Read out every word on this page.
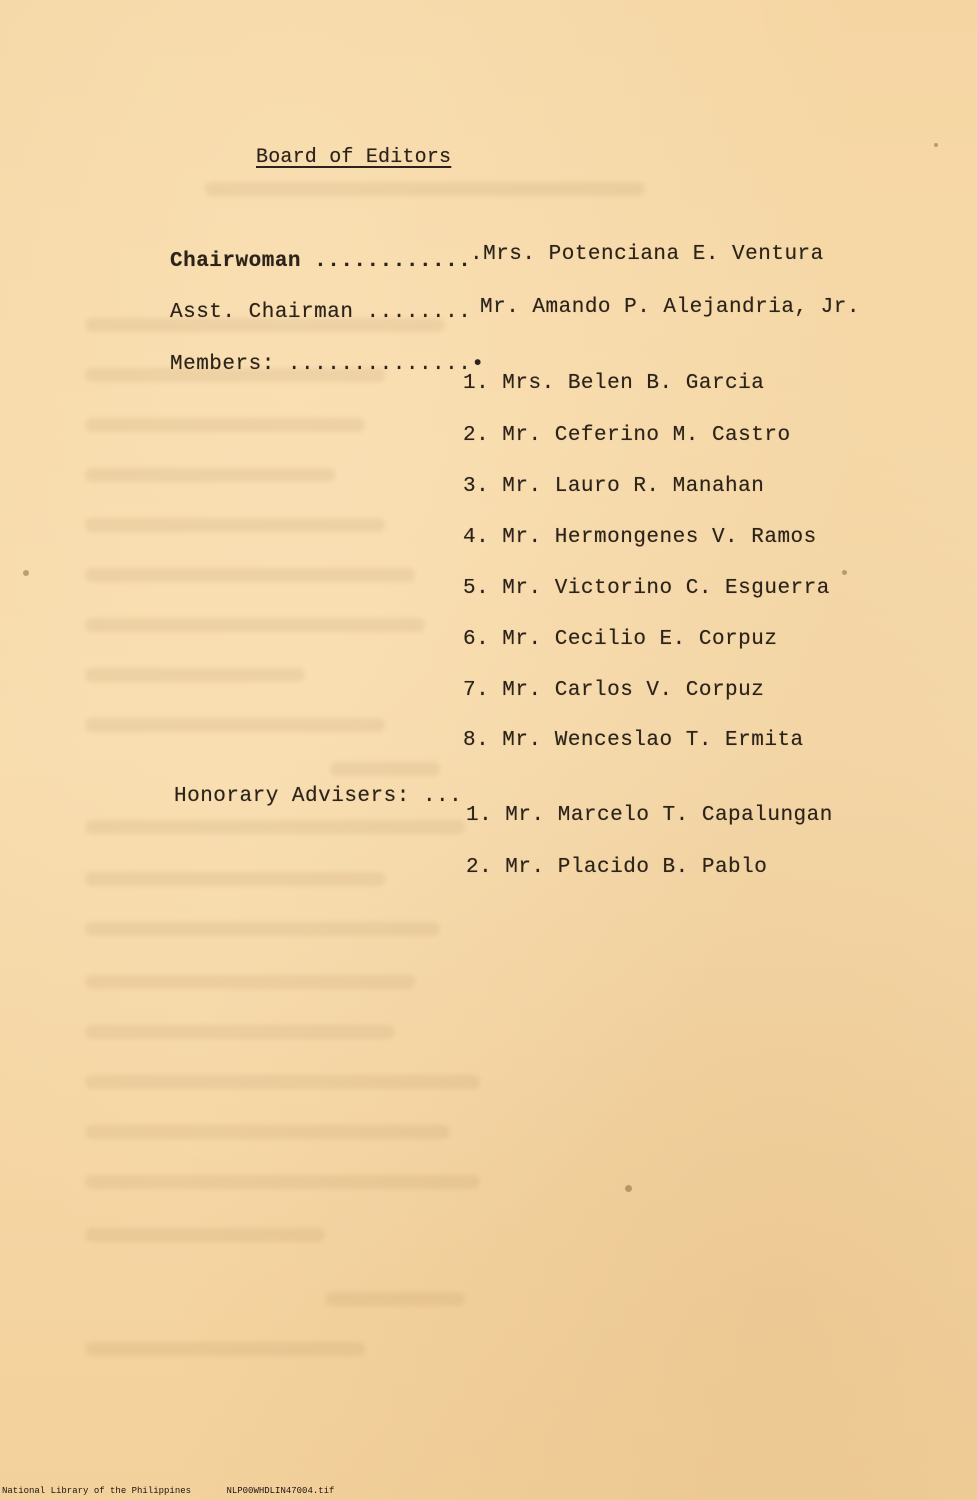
Board of Editors
Chairwoman ............
.Mrs. Potenciana E. Ventura
Asst. Chairman ........ Mr. Amando P. Alejandria, Jr.
Members: ..............•
1. Mrs. Belen B. Garcia
2. Mr. Ceferino M. Castro
3. Mr. Lauro R. Manahan
4. Mr. Hermongenes V. Ramos
5. Mr. Victorino C. Esguerra
6. Mr. Cecilio E. Corpuz
7. Mr. Carlos V. Corpuz
8. Mr. Wenceslao T. Ermita
Honorary Advisers: ...
1. Mr. Marcelo T. Capalungan
2. Mr. Placido B. Pablo
National Library of the Philippines	NLP00WHDLIN47004.tif
